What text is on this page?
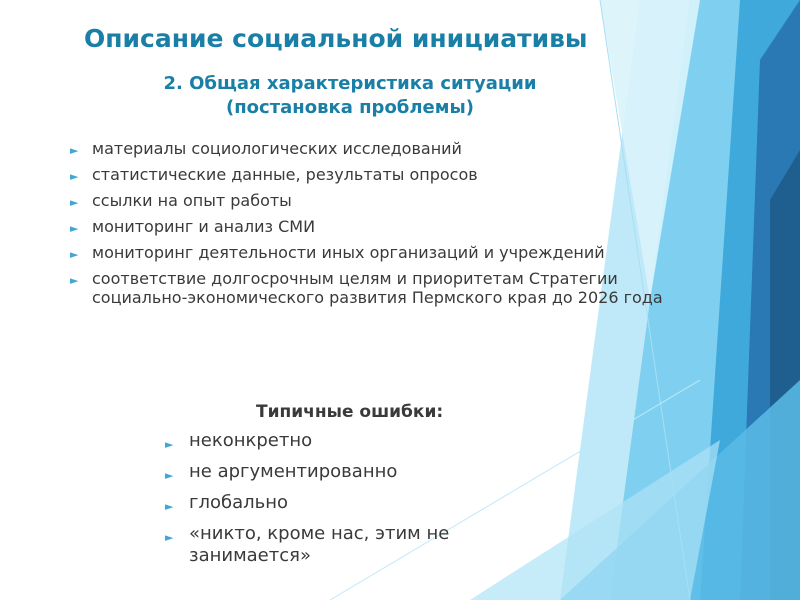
Описание социальной инициативы
2. Общая характеристика ситуации
(постановка проблемы)
► материалы социологических исследований
► статистические данные, результаты опросов
► ссылки на опыт работы
► мониторинг и анализ СМИ
► мониторинг деятельности иных организаций и учреждений
► соответствие долгосрочным целям и приоритетам Стратегии социально-экономического развития Пермского края до 2026 года
Типичные ошибки:
► неконкретно
► не аргументированно
► глобально
► «никто, кроме нас, этим не занимается»
